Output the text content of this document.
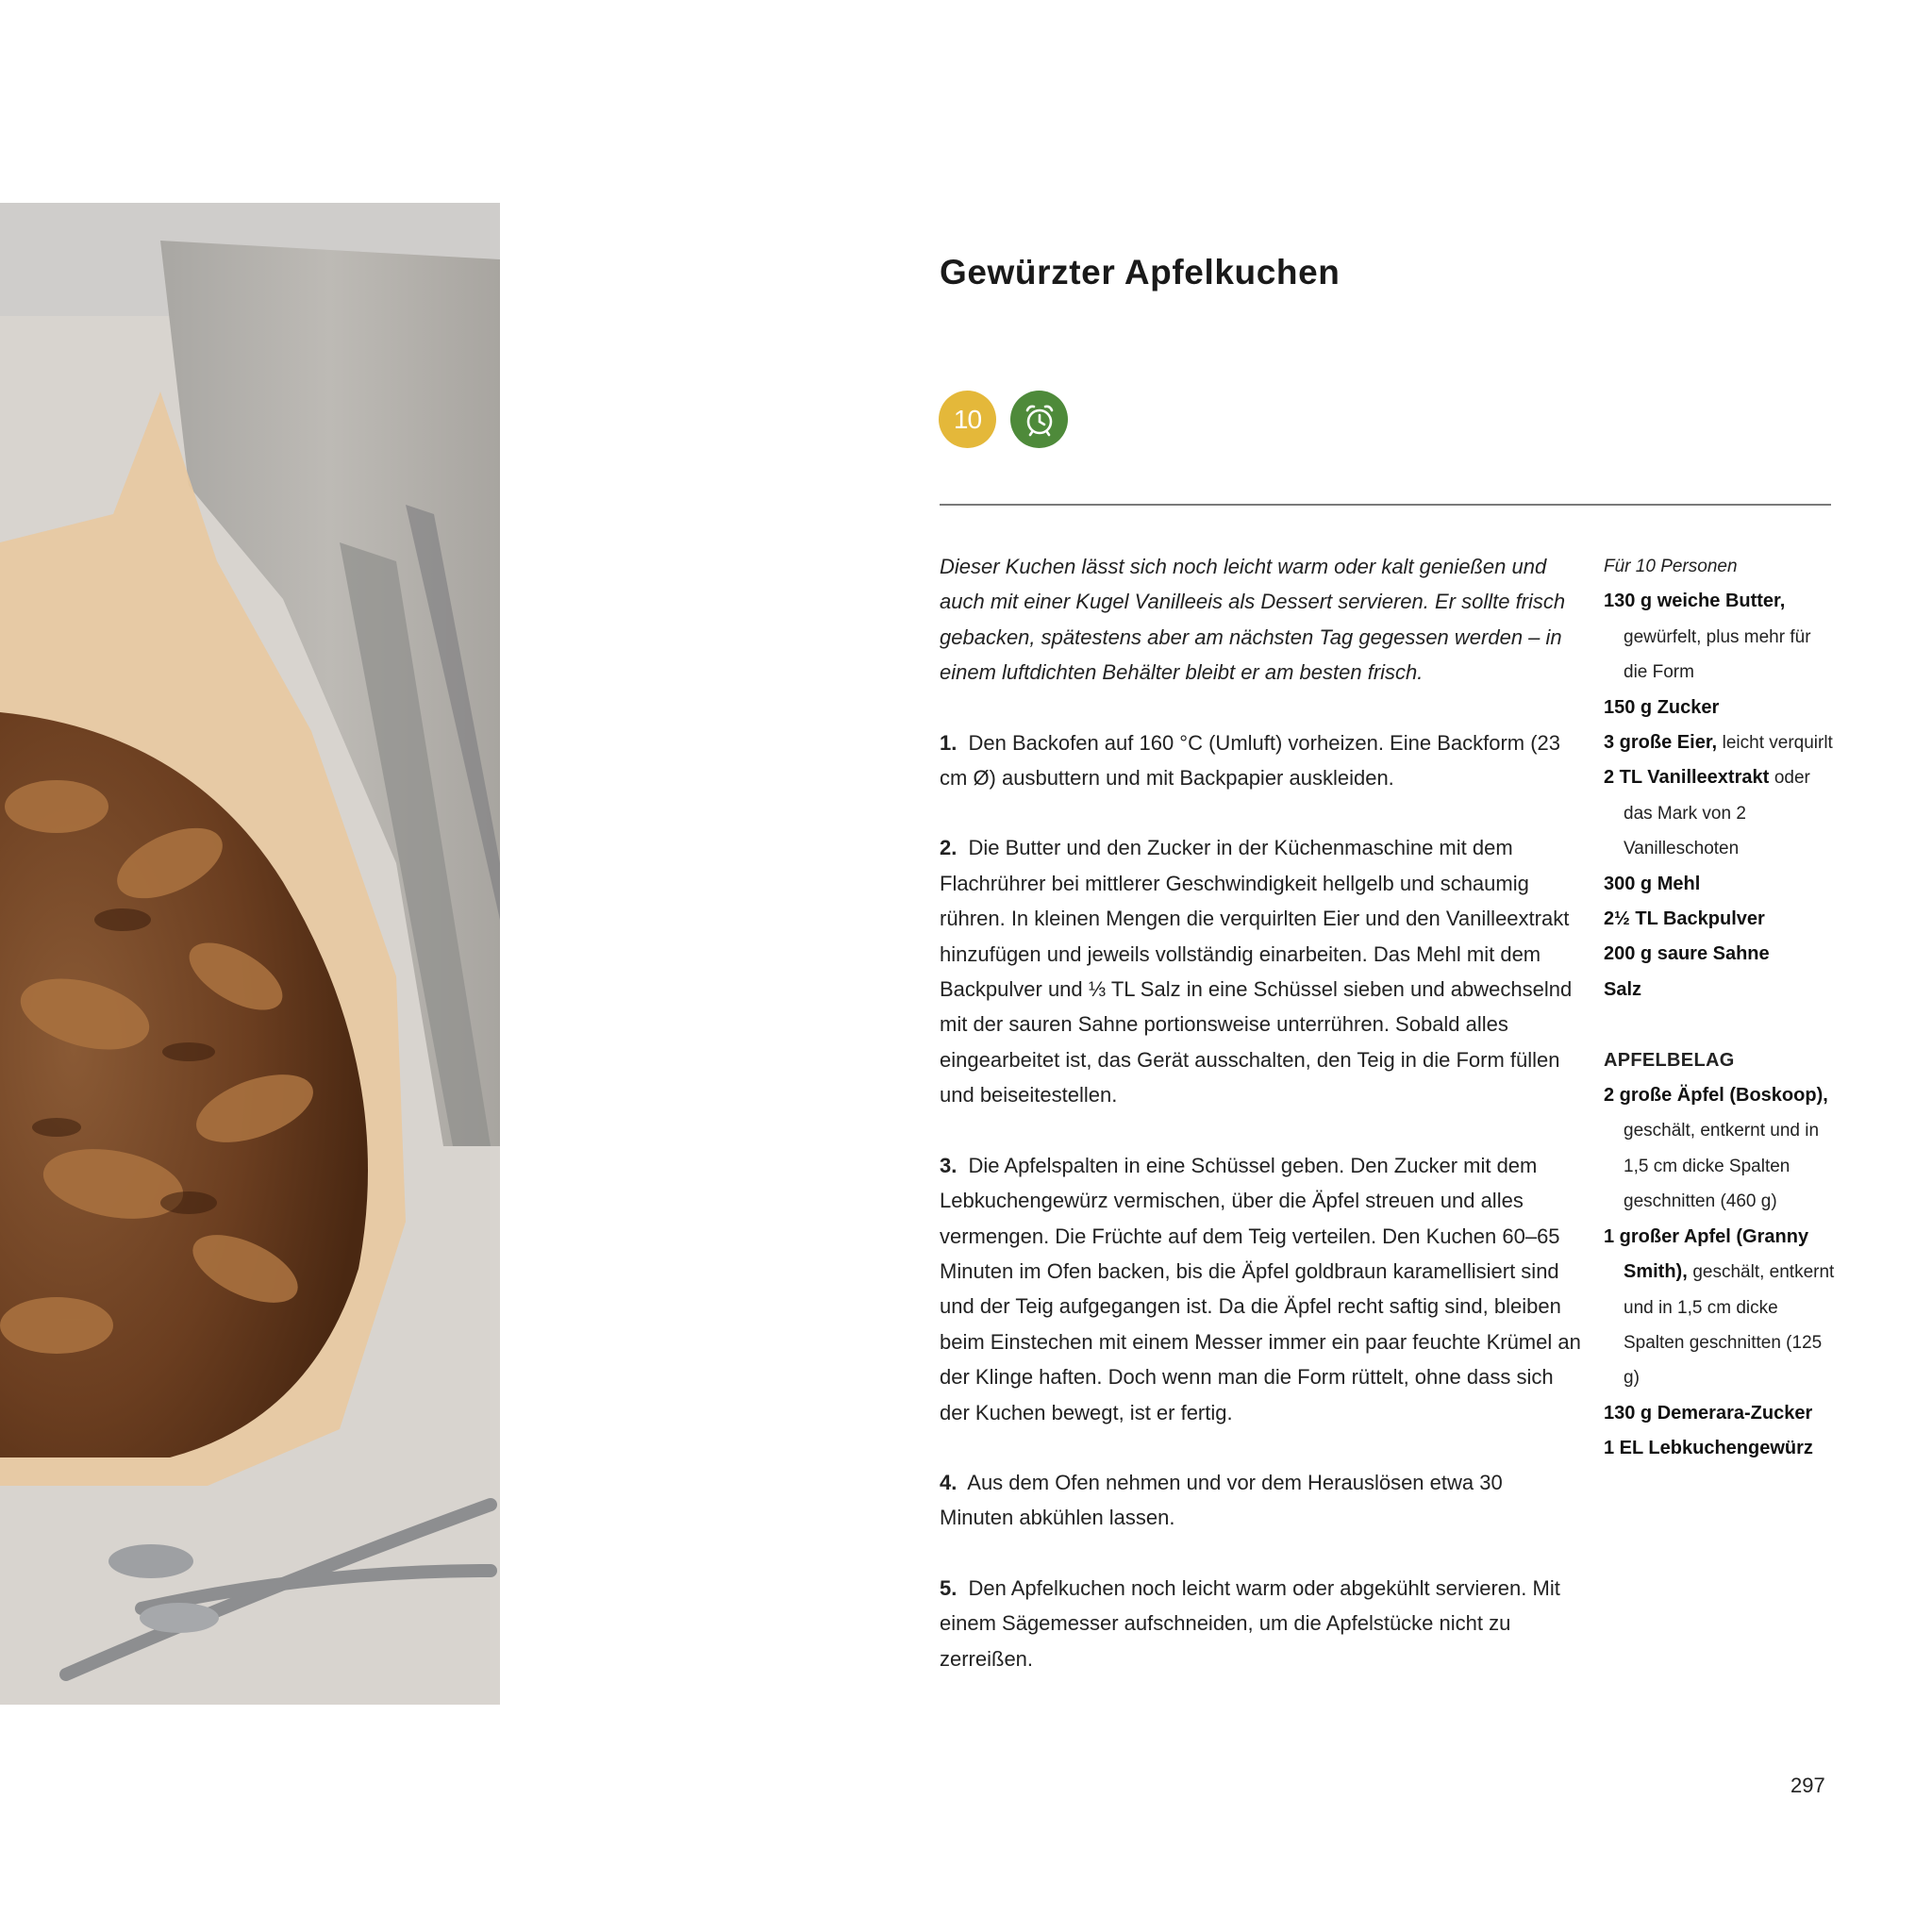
Gewürzter Apfelkuchen
10

Dieser Kuchen lässt sich noch leicht warm oder kalt genießen und auch mit einer Kugel Vanilleeis als Dessert servieren. Er sollte frisch gebacken, spätestens aber am nächsten Tag gegessen werden – in einem luftdichten Behälter bleibt er am besten frisch.

1. Den Backofen auf 160 °C (Umluft) vorheizen. Eine Backform (23 cm Ø) ausbuttern und mit Backpapier auskleiden.

2. Die Butter und den Zucker in der Küchenmaschine mit dem Flachrührer bei mittlerer Geschwindigkeit hellgelb und schaumig rühren. In kleinen Mengen die verquirlten Eier und den Vanilleextrakt hinzufügen und jeweils vollständig einarbeiten. Das Mehl mit dem Backpulver und ⅓ TL Salz in eine Schüssel sieben und abwechselnd mit der sauren Sahne portionsweise unterrühren. Sobald alles eingearbeitet ist, das Gerät ausschalten, den Teig in die Form füllen und beiseitestellen.

3. Die Apfelspalten in eine Schüssel geben. Den Zucker mit dem Lebkuchengewürz vermischen, über die Äpfel streuen und alles vermengen. Die Früchte auf dem Teig verteilen. Den Kuchen 60–65 Minuten im Ofen backen, bis die Äpfel goldbraun karamellisiert sind und der Teig aufgegangen ist. Da die Äpfel recht saftig sind, bleiben beim Einstechen mit einem Messer immer ein paar feuchte Krümel an der Klinge haften. Doch wenn man die Form rüttelt, ohne dass sich der Kuchen bewegt, ist er fertig.

4. Aus dem Ofen nehmen und vor dem Herauslösen etwa 30 Minuten abkühlen lassen.

5. Den Apfelkuchen noch leicht warm oder abgekühlt servieren. Mit einem Sägemesser aufschneiden, um die Apfelstücke nicht zu zerreißen.

Für 10 Personen

130 g weiche Butter, gewürfelt, plus mehr für die Form

150 g Zucker

3 große Eier, leicht verquirlt

2 TL Vanilleextrakt oder das Mark von 2 Vanilleschoten

300 g Mehl

2½ TL Backpulver

200 g saure Sahne

Salz

APFELBELAG

2 große Äpfel (Boskoop), geschält, entkernt und in 1,5 cm dicke Spalten geschnitten (460 g)

1 großer Apfel (Granny Smith), geschält, entkernt und in 1,5 cm dicke Spalten geschnitten (125 g)

130 g Demerara-Zucker

1 EL Lebkuchengewürz

297
